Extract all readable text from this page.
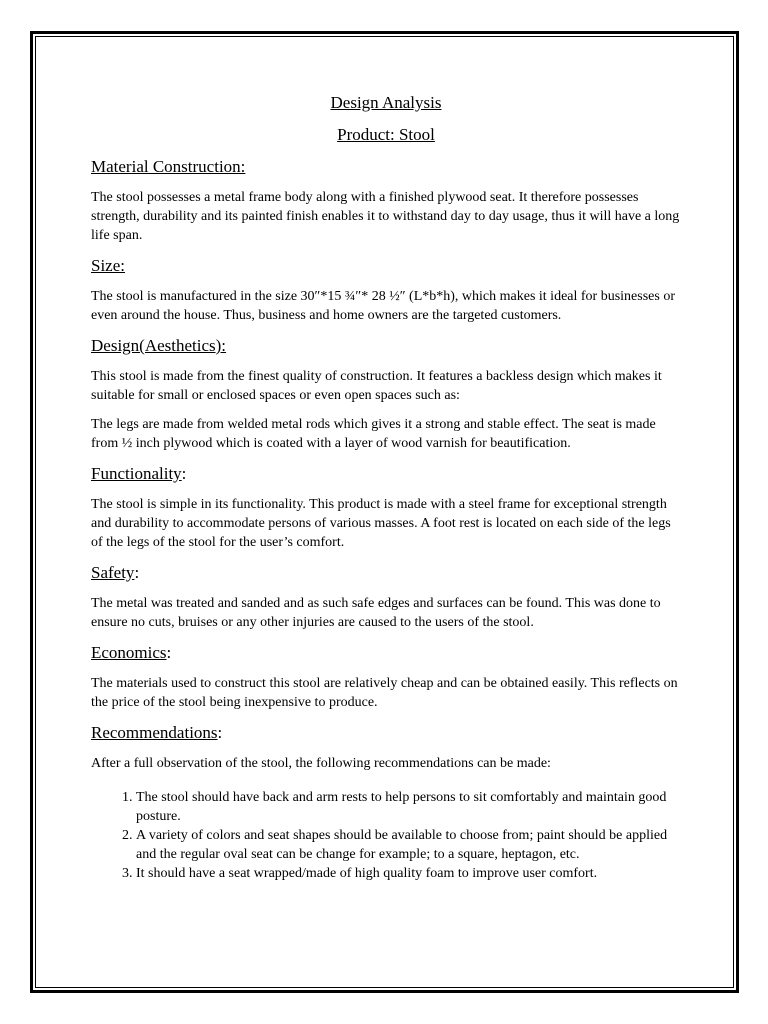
Design Analysis
Product: Stool
Material Construction:

The stool possesses a metal frame body along with a finished plywood seat. It therefore possesses strength, durability and its painted finish enables it to withstand day to day usage, thus it will have a long life span.

Size:

The stool is manufactured in the size 30″*15 ¾″* 28 ½″ (L*b*h), which makes it ideal for businesses or even around the house. Thus, business and home owners are the targeted customers.

Design(Aesthetics):

This stool is made from the finest quality of construction. It features a backless design which makes it suitable for small or enclosed spaces or even open spaces such as:

The legs are made from welded metal rods which gives it a strong and stable effect. The seat is made from ½ inch plywood which is coated with a layer of wood varnish for beautification.

Functionality:

The stool is simple in its functionality. This product is made with a steel frame for exceptional strength and durability to accommodate persons of various masses. A foot rest is located on each side of the legs of the legs of the stool for the user’s comfort.

Safety:

The metal was treated and sanded and as such safe edges and surfaces can be found. This was done to ensure no cuts, bruises or any other injuries are caused to the users of the stool.

Economics:

The materials used to construct this stool are relatively cheap and can be obtained easily. This reflects on the price of the stool being inexpensive to produce.

Recommendations:

After a full observation of the stool, the following recommendations can be made:

1. The stool should have back and arm rests to help persons to sit comfortably and maintain good posture.
2. A variety of colors and seat shapes should be available to choose from; paint should be applied and the regular oval seat can be change for example; to a square, heptagon, etc.
3. It should have a seat wrapped/made of high quality foam to improve user comfort.
